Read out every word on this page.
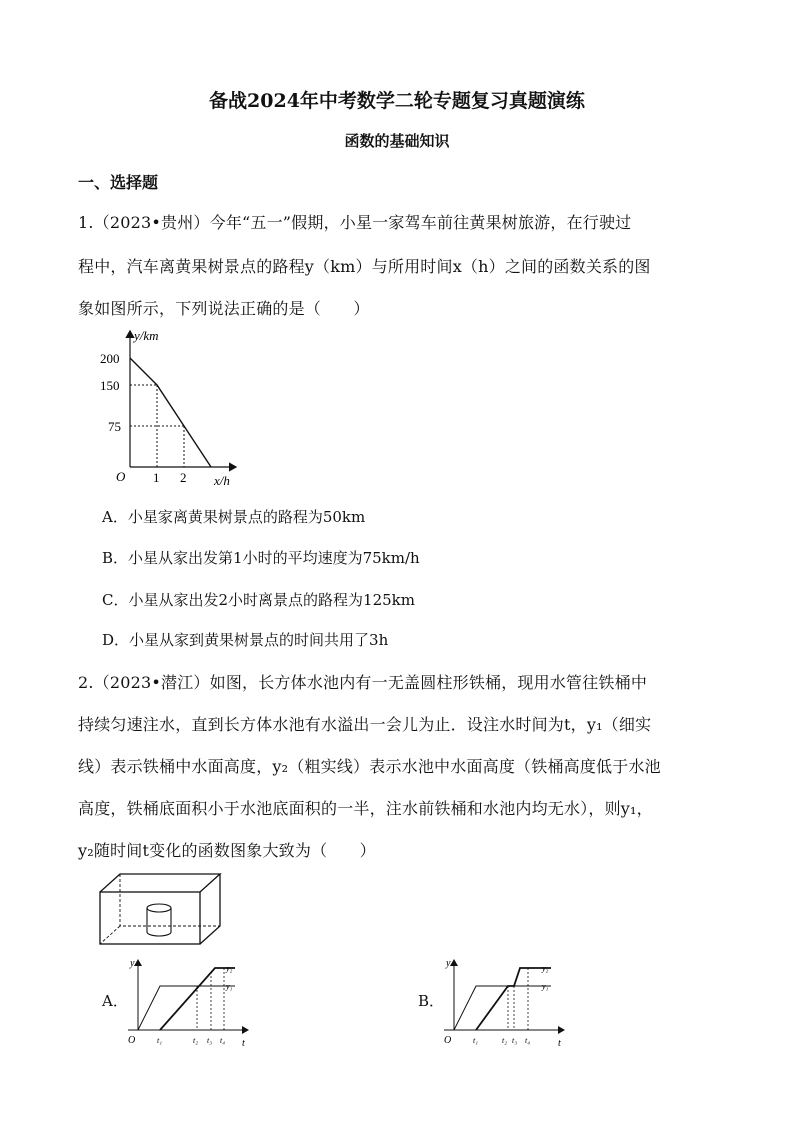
备战2024年中考数学二轮专题复习真题演练
函数的基础知识
一、选择题
1.（2023•贵州）今年“五一”假期，小星一家驾车前往黄果树旅游，在行驶过
程中，汽车离黄果树景点的路程y（km）与所用时间x（h）之间的函数关系的图
象如图所示，下列说法正确的是（　　）
y/km
x/h
O
200
150
75
1 2
A．小星家离黄果树景点的路程为50km
B．小星从家出发第1小时的平均速度为75km/h
C．小星从家出发2小时离景点的路程为125km
D．小星从家到黄果树景点的时间共用了3h
2.（2023•潜江）如图，长方体水池内有一无盖圆柱形铁桶，现用水管往铁桶中
持续匀速注水，直到长方体水池有水溢出一会儿为止．设注水时间为t，y₁（细实
线）表示铁桶中水面高度，y₂（粗实线）表示水池中水面高度（铁桶高度低于水池
高度，铁桶底面积小于水池底面积的一半，注水前铁桶和水池内均无水），则y₁，
y₂随时间t变化的函数图象大致为（　　）
A．
y
t
O
y₂
y₁
t₁	t₂ t₃ t₄
B．
y
t
O
y₂
y₁
t₁	t₂ t₃ t₄
